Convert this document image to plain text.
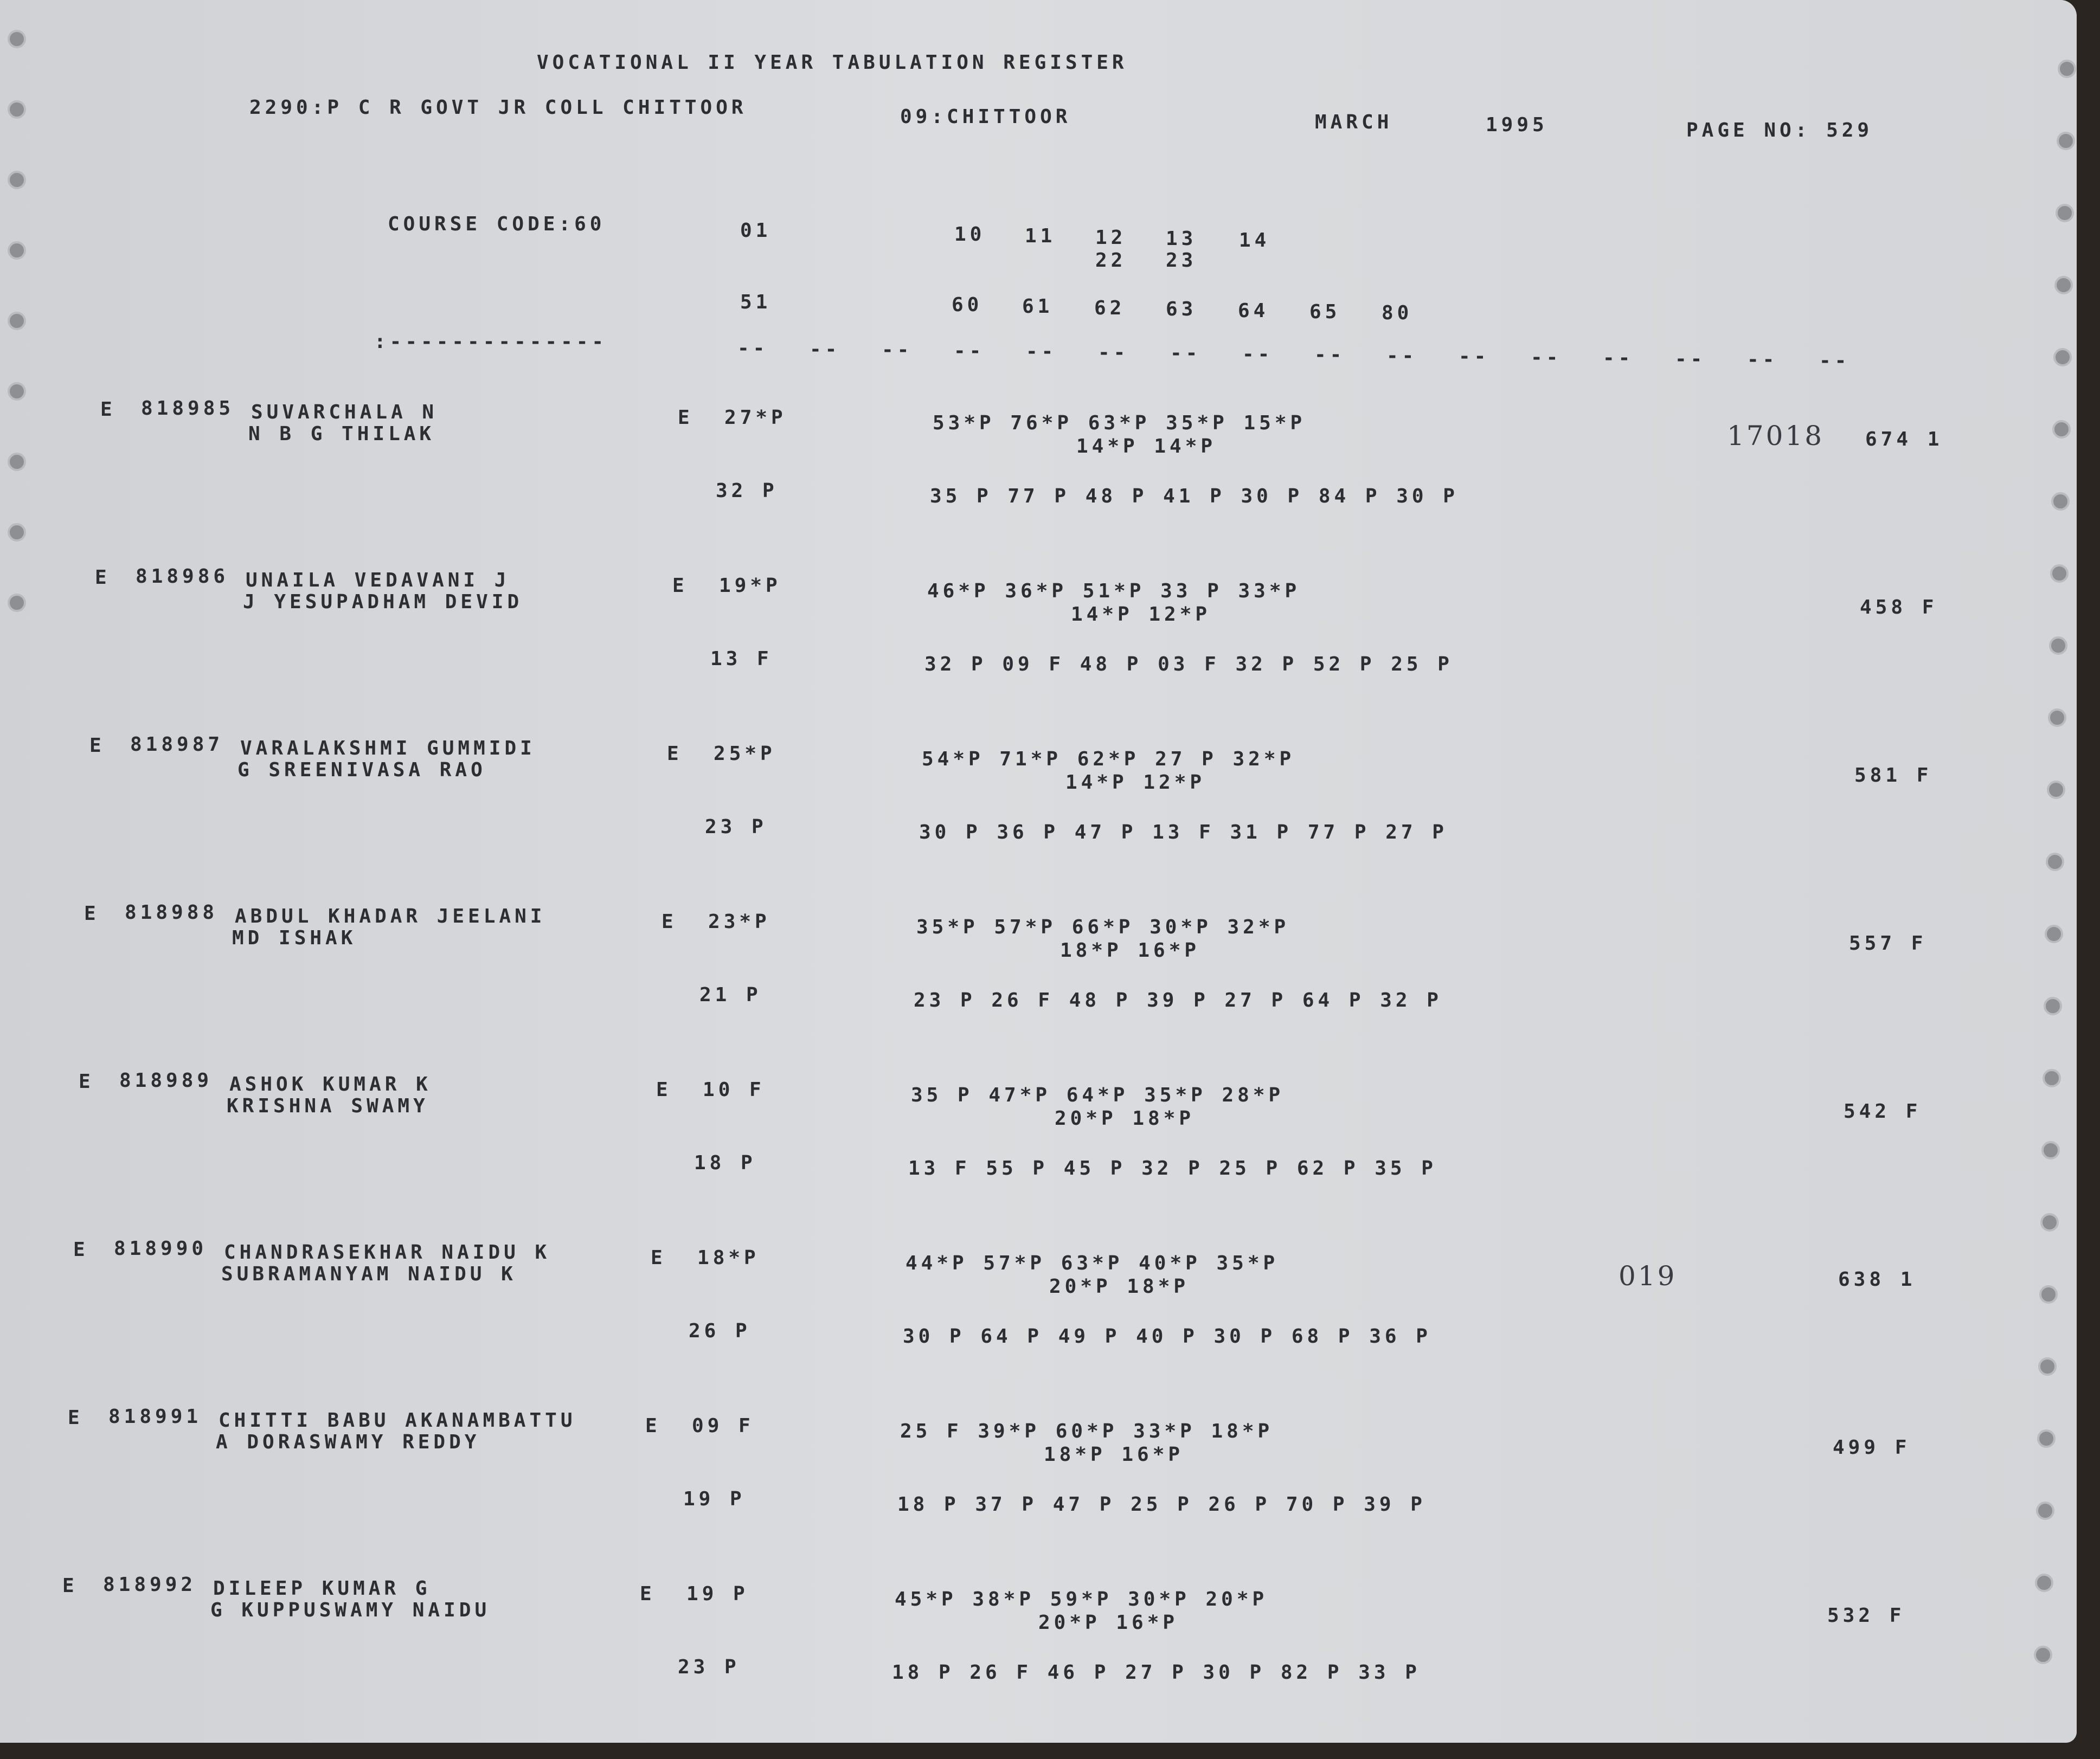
VOCATIONAL II YEAR TABULATION REGISTER
2290:P C R GOVT JR COLL CHITTOOR	09:CHITTOOR	MARCH	1995	PAGE NO: 529
COURSE CODE:60	01	10 11 12 13 14
22 23
51	60 61 62 63 64 65 80
:--------------	-- -- -- -- -- -- -- -- -- -- -- -- -- -- -- --
E 818985 SUVARCHALA N
N B G THILAK
E  27*P	53*P 76*P 63*P 35*P 15*P
14*P 14*P	17018 674 1
32 P	35 P 77 P 48 P 41 P 30 P 84 P 30 P
E 818986 UNAILA VEDAVANI J
J YESUPADHAM DEVID
E  19*P	46*P 36*P 51*P 33 P 33*P
14*P 12*P	458 F
13 F	32 P 09 F 48 P 03 F 32 P 52 P 25 P
E 818987 VARALAKSHMI GUMMIDI
G SREENIVASA RAO
E  25*P	54*P 71*P 62*P 27 P 32*P
14*P 12*P	581 F
23 P	30 P 36 P 47 P 13 F 31 P 77 P 27 P
E 818988 ABDUL KHADAR JEELANI
MD ISHAK
E  23*P	35*P 57*P 66*P 30*P 32*P
18*P 16*P	557 F
21 P	23 P 26 F 48 P 39 P 27 P 64 P 32 P
E 818989 ASHOK KUMAR K
KRISHNA SWAMY
E  10 F	35 P 47*P 64*P 35*P 28*P
20*P 18*P	542 F
18 P	13 F 55 P 45 P 32 P 25 P 62 P 35 P
E 818990 CHANDRASEKHAR NAIDU K
SUBRAMANYAM NAIDU K
E  18*P	44*P 57*P 63*P 40*P 35*P
20*P 18*P	019	638 1
26 P	30 P 64 P 49 P 40 P 30 P 68 P 36 P
E 818991 CHITTI BABU AKANAMBATTU
A DORASWAMY REDDY
E  09 F	25 F 39*P 60*P 33*P 18*P
18*P 16*P	499 F
19 P	18 P 37 P 47 P 25 P 26 P 70 P 39 P
E 818992 DILEEP KUMAR G
G KUPPUSWAMY NAIDU
E  19 P	45*P 38*P 59*P 30*P 20*P
20*P 16*P	532 F
23 P	18 P 26 F 46 P 27 P 30 P 82 P 33 P
